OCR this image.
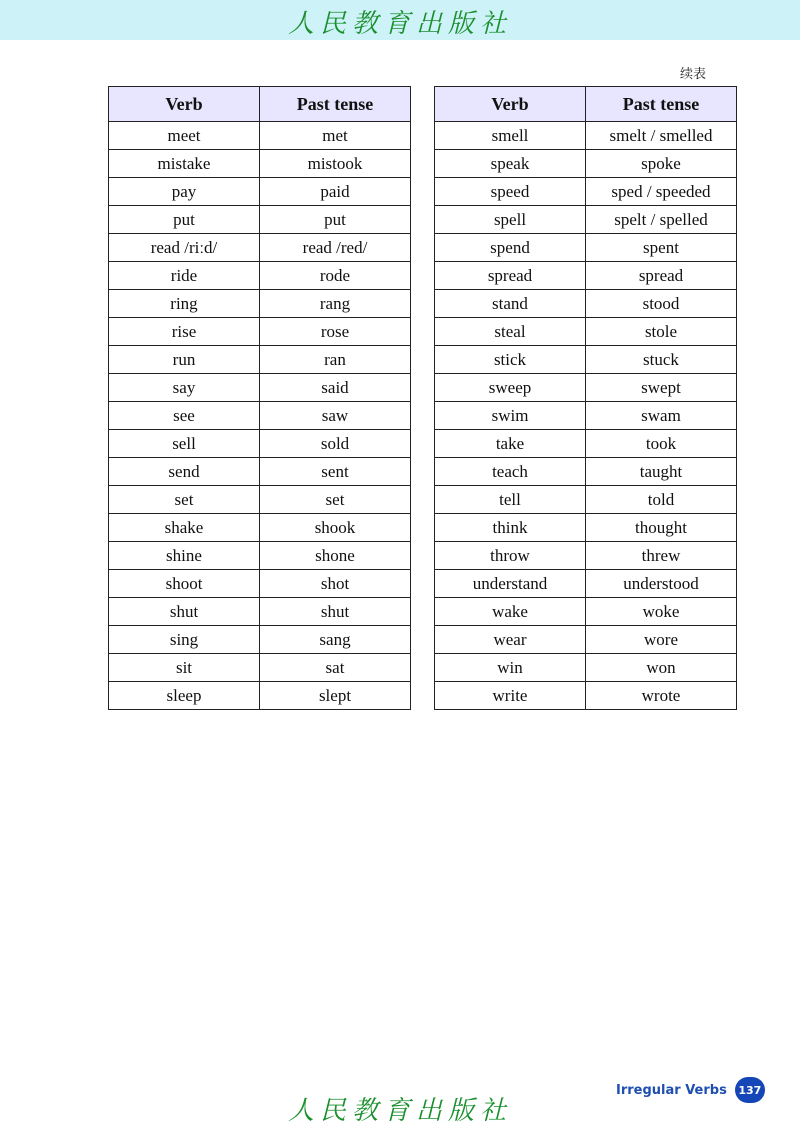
人民教育出版社
续表
Verb	Past tense
meet	met
mistake	mistook
pay	paid
put	put
read /riːd/	read /red/
ride	rode
ring	rang
rise	rose
run	ran
say	said
see	saw
sell	sold
send	sent
set	set
shake	shook
shine	shone
shoot	shot
shut	shut
sing	sang
sit	sat
sleep	slept
Verb	Past tense
smell	smelt / smelled
speak	spoke
speed	sped / speeded
spell	spelt / spelled
spend	spent
spread	spread
stand	stood
steal	stole
stick	stuck
sweep	swept
swim	swam
take	took
teach	taught
tell	told
think	thought
throw	threw
understand	understood
wake	woke
wear	wore
win	won
write	wrote
Irregular Verbs	137
人民教育出版社
